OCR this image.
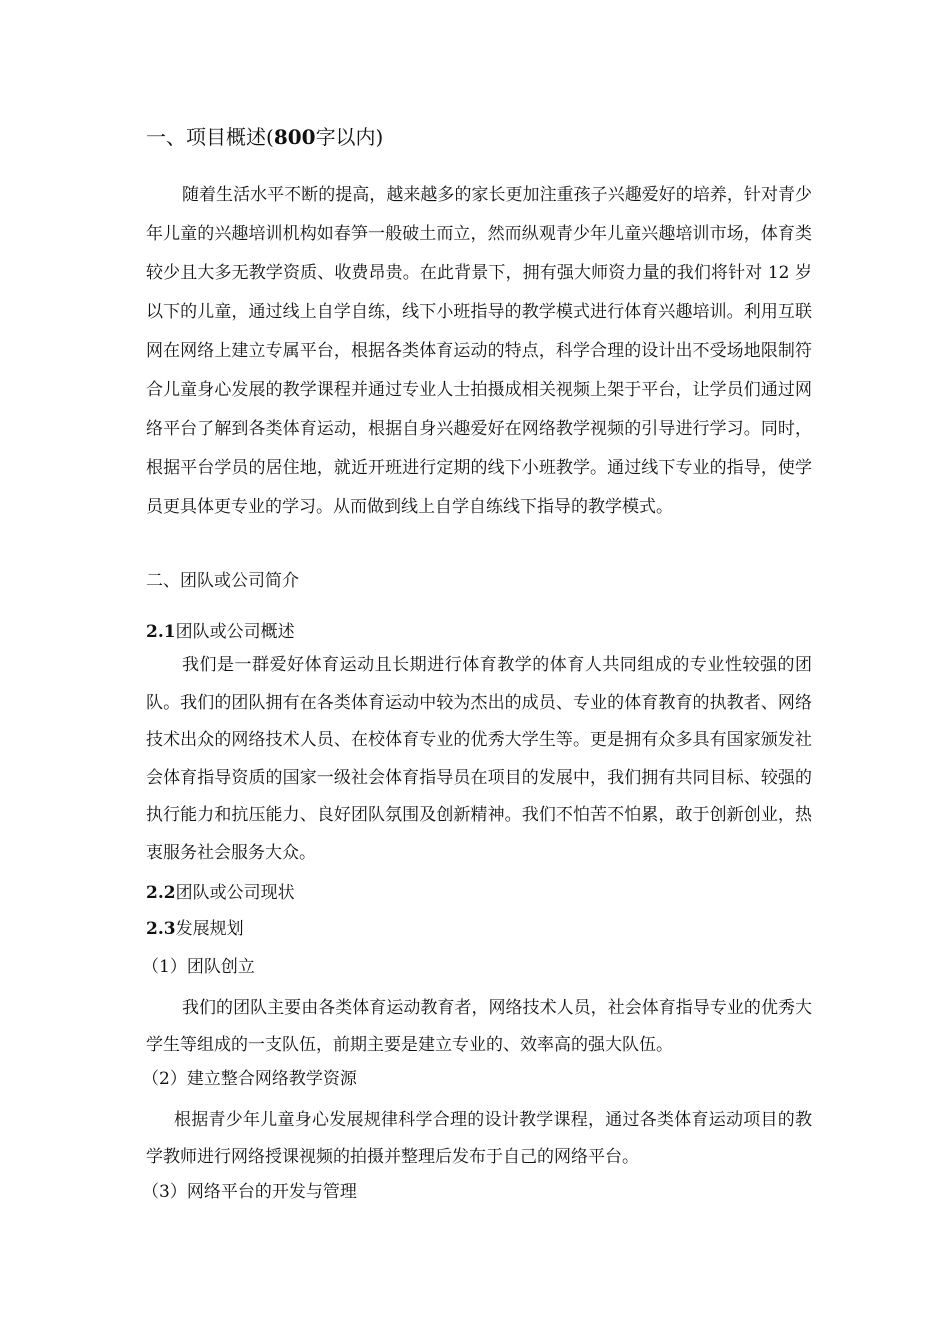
一、项目概述(800字以内)

随着生活水平不断的提高，越来越多的家长更加注重孩子兴趣爱好的培养，针对青少年儿童的兴趣培训机构如春笋一般破土而立，然而纵观青少年儿童兴趣培训市场，体育类较少且大多无教学资质、收费昂贵。在此背景下，拥有强大师资力量的我们将针对 12 岁以下的儿童，通过线上自学自练，线下小班指导的教学模式进行体育兴趣培训。利用互联网在网络上建立专属平台，根据各类体育运动的特点，科学合理的设计出不受场地限制符合儿童身心发展的教学课程并通过专业人士拍摄成相关视频上架于平台，让学员们通过网络平台了解到各类体育运动，根据自身兴趣爱好在网络教学视频的引导进行学习。同时，根据平台学员的居住地，就近开班进行定期的线下小班教学。通过线下专业的指导，使学员更具体更专业的学习。从而做到线上自学自练线下指导的教学模式。

二、团队或公司简介
2.1团队或公司概述

我们是一群爱好体育运动且长期进行体育教学的体育人共同组成的专业性较强的团队。我们的团队拥有在各类体育运动中较为杰出的成员、专业的体育教育的执教者、网络技术出众的网络技术人员、在校体育专业的优秀大学生等。更是拥有众多具有国家颁发社会体育指导资质的国家一级社会体育指导员在项目的发展中，我们拥有共同目标、较强的执行能力和抗压能力、良好团队氛围及创新精神。我们不怕苦不怕累，敢于创新创业，热衷服务社会服务大众。

2.2团队或公司现状
2.3发展规划
（1）团队创立

我们的团队主要由各类体育运动教育者，网络技术人员，社会体育指导专业的优秀大学生等组成的一支队伍，前期主要是建立专业的、效率高的强大队伍。

（2）建立整合网络教学资源

根据青少年儿童身心发展规律科学合理的设计教学课程，通过各类体育运动项目的教学教师进行网络授课视频的拍摄并整理后发布于自己的网络平台。

（3）网络平台的开发与管理
